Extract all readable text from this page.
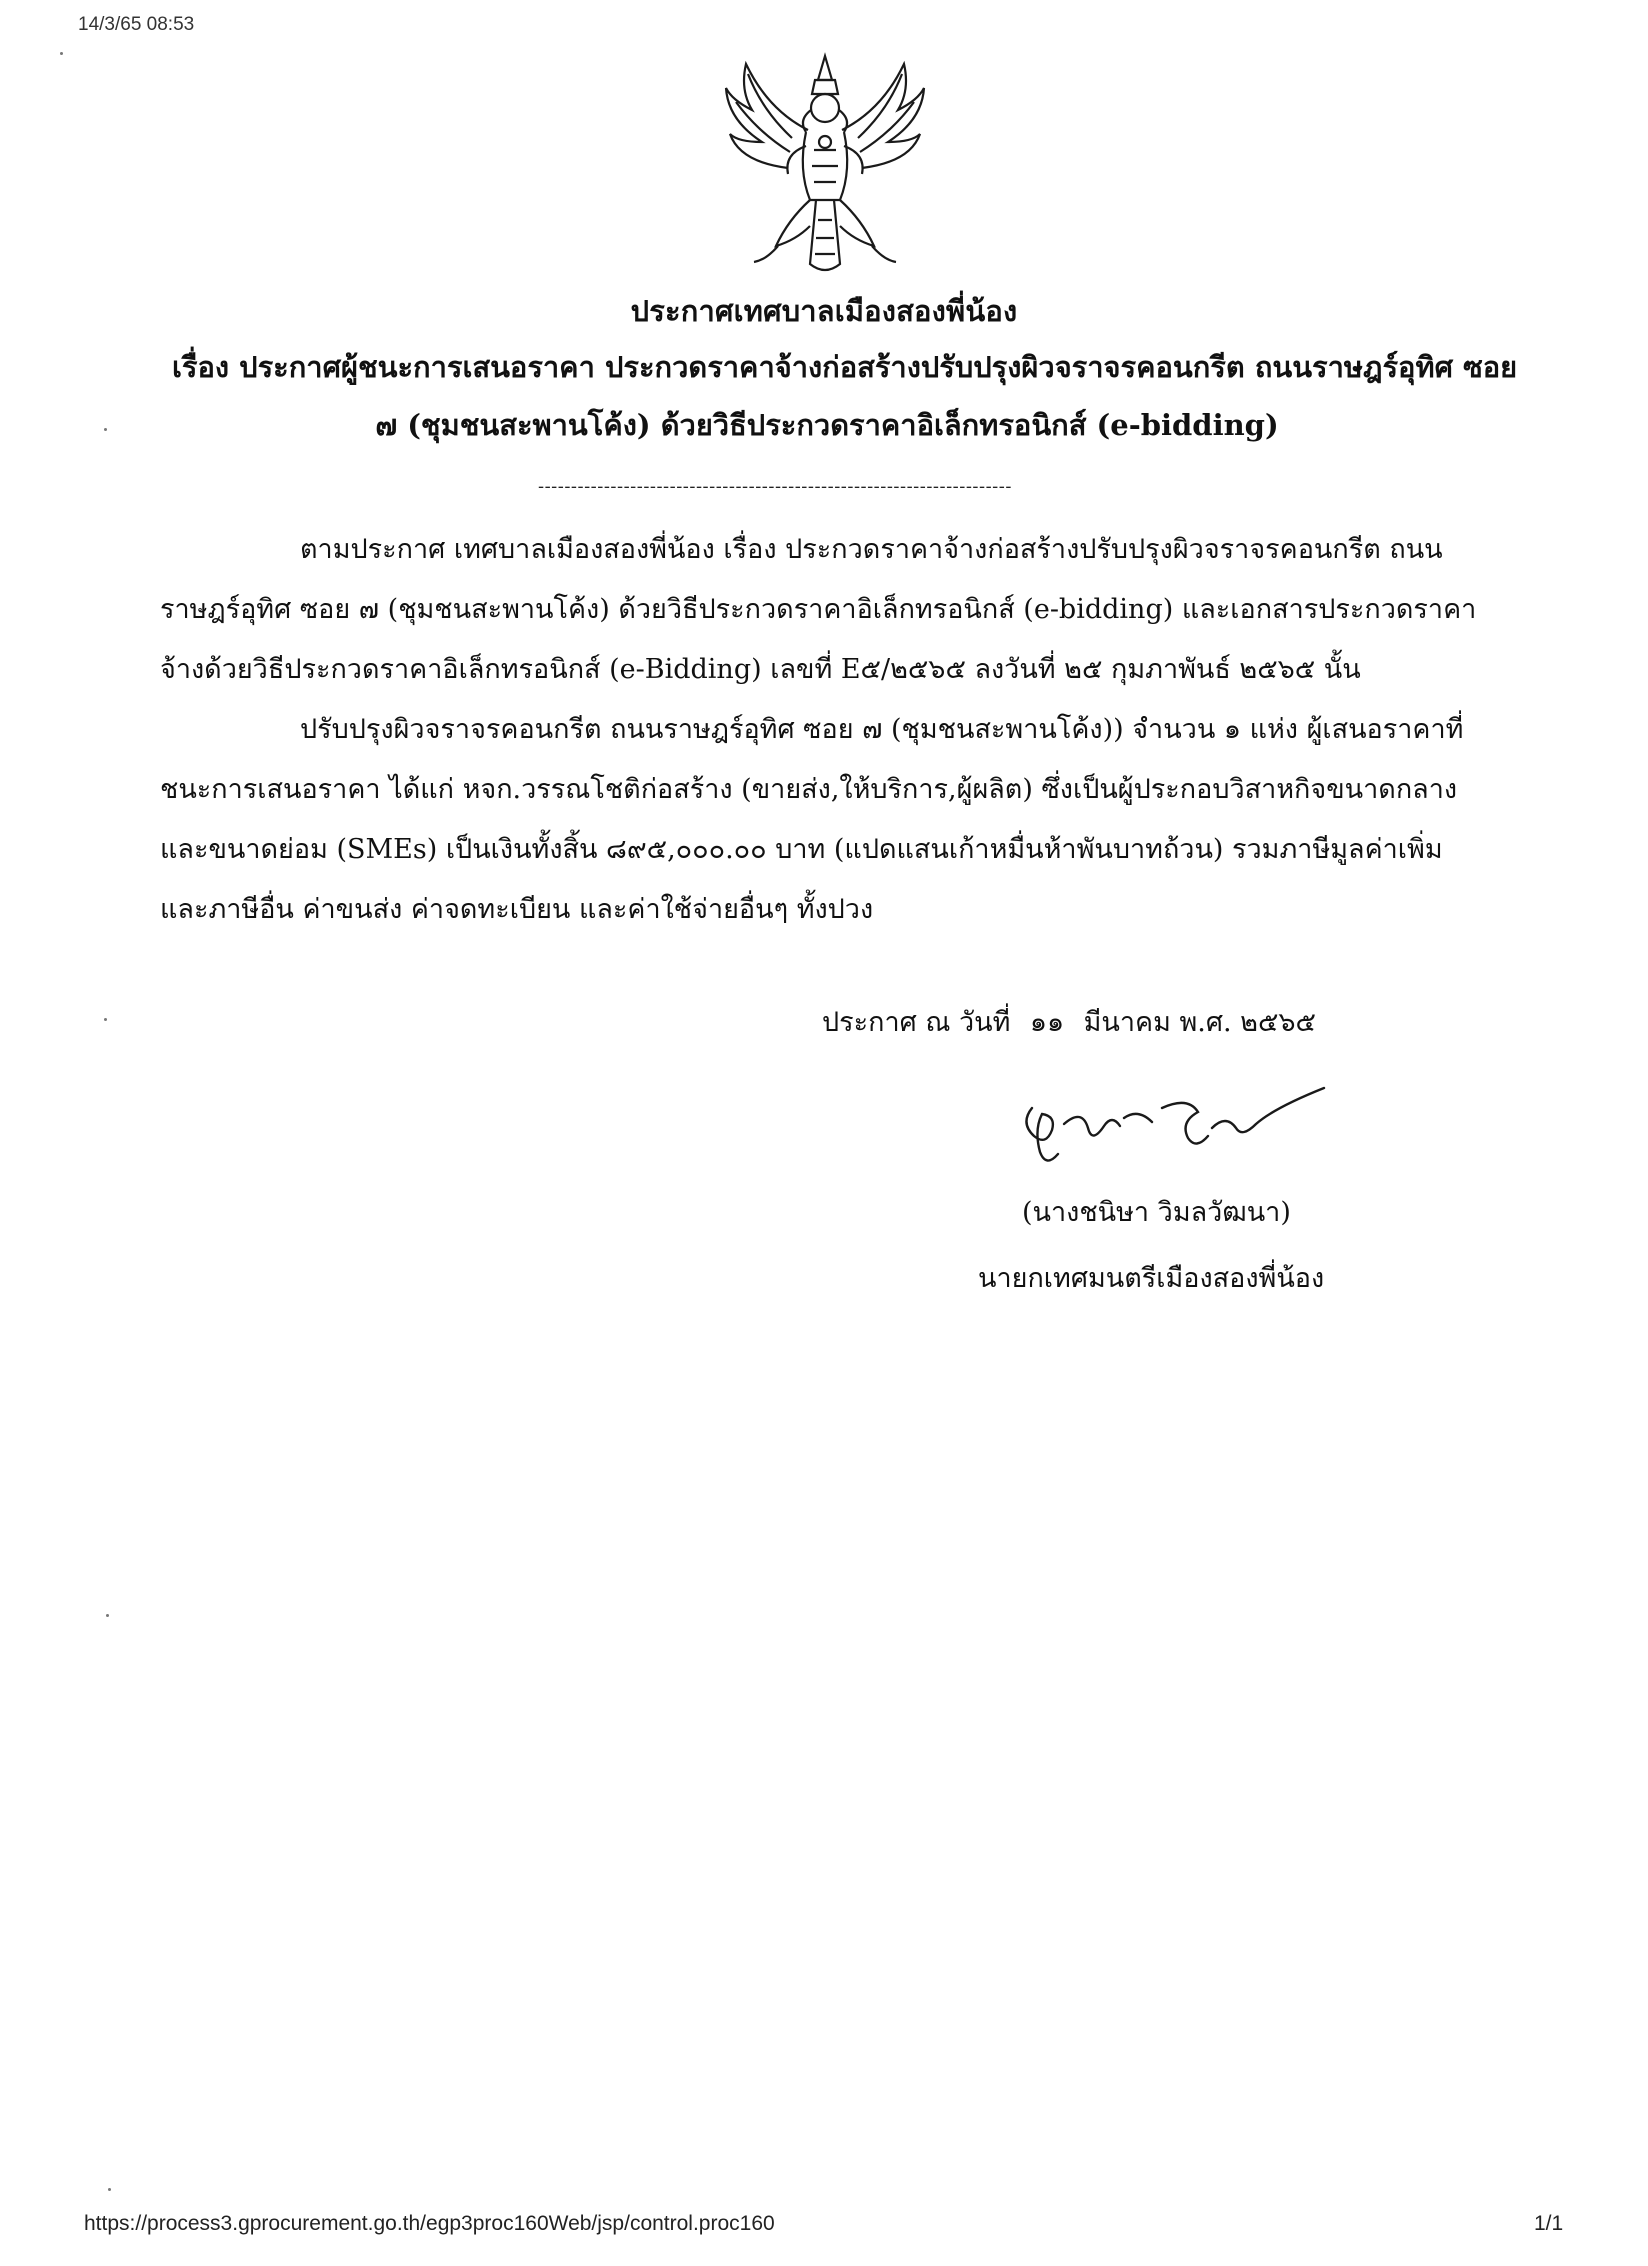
14/3/65 08:53
ประกาศเทศบาลเมืองสองพี่น้อง
เรื่อง ประกาศผู้ชนะการเสนอราคา ประกวดราคาจ้างก่อสร้างปรับปรุงผิวจราจรคอนกรีต ถนนราษฎร์อุทิศ ซอย
๗ (ชุมชนสะพานโค้ง) ด้วยวิธีประกวดราคาอิเล็กทรอนิกส์ (e-bidding)
------------------------------------------------------------------------
ตามประกาศ เทศบาลเมืองสองพี่น้อง เรื่อง ประกวดราคาจ้างก่อสร้างปรับปรุงผิวจราจรคอนกรีต ถนน
ราษฎร์อุทิศ ซอย ๗ (ชุมชนสะพานโค้ง) ด้วยวิธีประกวดราคาอิเล็กทรอนิกส์ (e-bidding) และเอกสารประกวดราคา
จ้างด้วยวิธีประกวดราคาอิเล็กทรอนิกส์ (e-Bidding) เลขที่ E๕/๒๕๖๕ ลงวันที่ ๒๕ กุมภาพันธ์ ๒๕๖๕ นั้น
ปรับปรุงผิวจราจรคอนกรีต ถนนราษฎร์อุทิศ ซอย ๗ (ชุมชนสะพานโค้ง)) จำนวน ๑ แห่ง ผู้เสนอราคาที่
ชนะการเสนอราคา ได้แก่ หจก.วรรณโชติก่อสร้าง (ขายส่ง,ให้บริการ,ผู้ผลิต) ซึ่งเป็นผู้ประกอบวิสาหกิจขนาดกลาง
และขนาดย่อม (SMEs) เป็นเงินทั้งสิ้น ๘๙๕,๐๐๐.๐๐ บาท (แปดแสนเก้าหมื่นห้าพันบาทถ้วน) รวมภาษีมูลค่าเพิ่ม
และภาษีอื่น ค่าขนส่ง ค่าจดทะเบียน และค่าใช้จ่ายอื่นๆ ทั้งปวง
ประกาศ ณ วันที่ ๑๑ มีนาคม พ.ศ. ๒๕๖๕
(นางชนิษา วิมลวัฒนา)
นายกเทศมนตรีเมืองสองพี่น้อง
https://process3.gprocurement.go.th/egp3proc160Web/jsp/control.proc160	1/1
